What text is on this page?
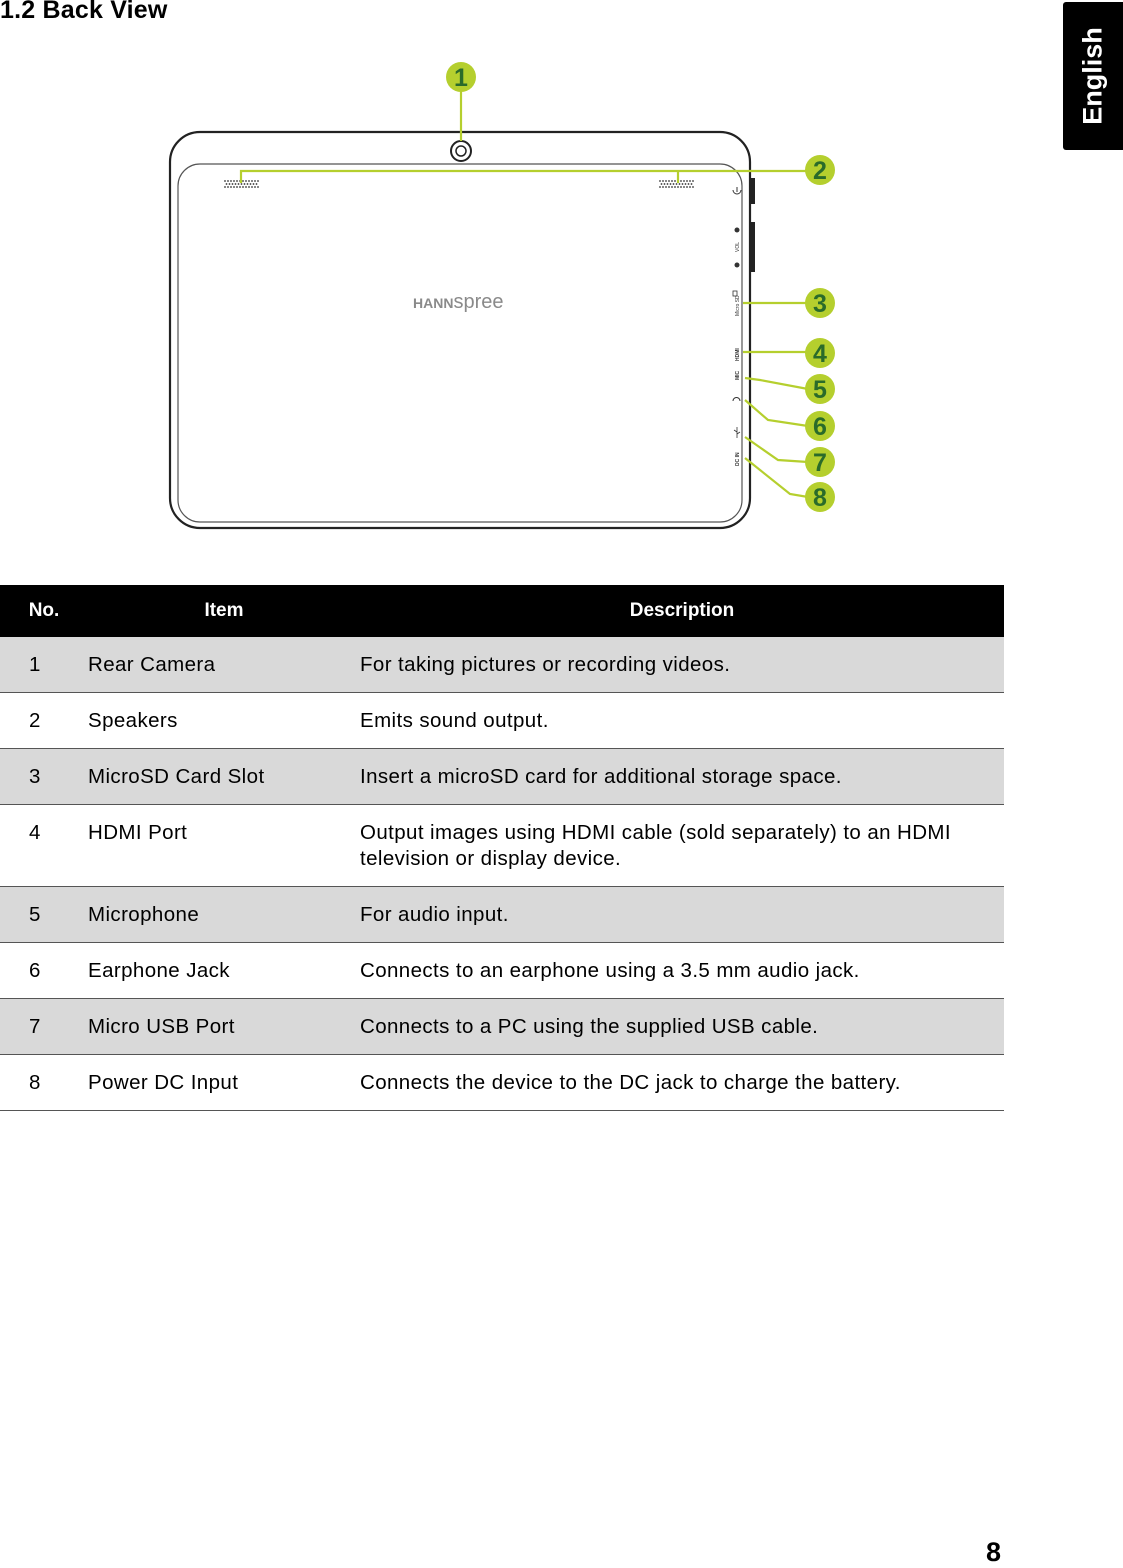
1.2 Back View
English
HANNspree
VOL
Micro SD
HDMI
MIC
DC IN
1
2
3
4
5
6
7
8
No.	Item	Description
1	Rear Camera	For taking pictures or recording videos.
2	Speakers	Emits sound output.
3	MicroSD Card Slot	Insert a microSD card for additional storage space.
4	HDMI Port	Output images using HDMI cable (sold separately) to an HDMI television or display device.
5	Microphone	For audio input.
6	Earphone Jack	Connects to an earphone using a 3.5 mm audio jack.
7	Micro USB Port	Connects to a PC using the supplied USB cable.
8	Power DC Input	Connects the device to the DC jack to charge the battery.
8
